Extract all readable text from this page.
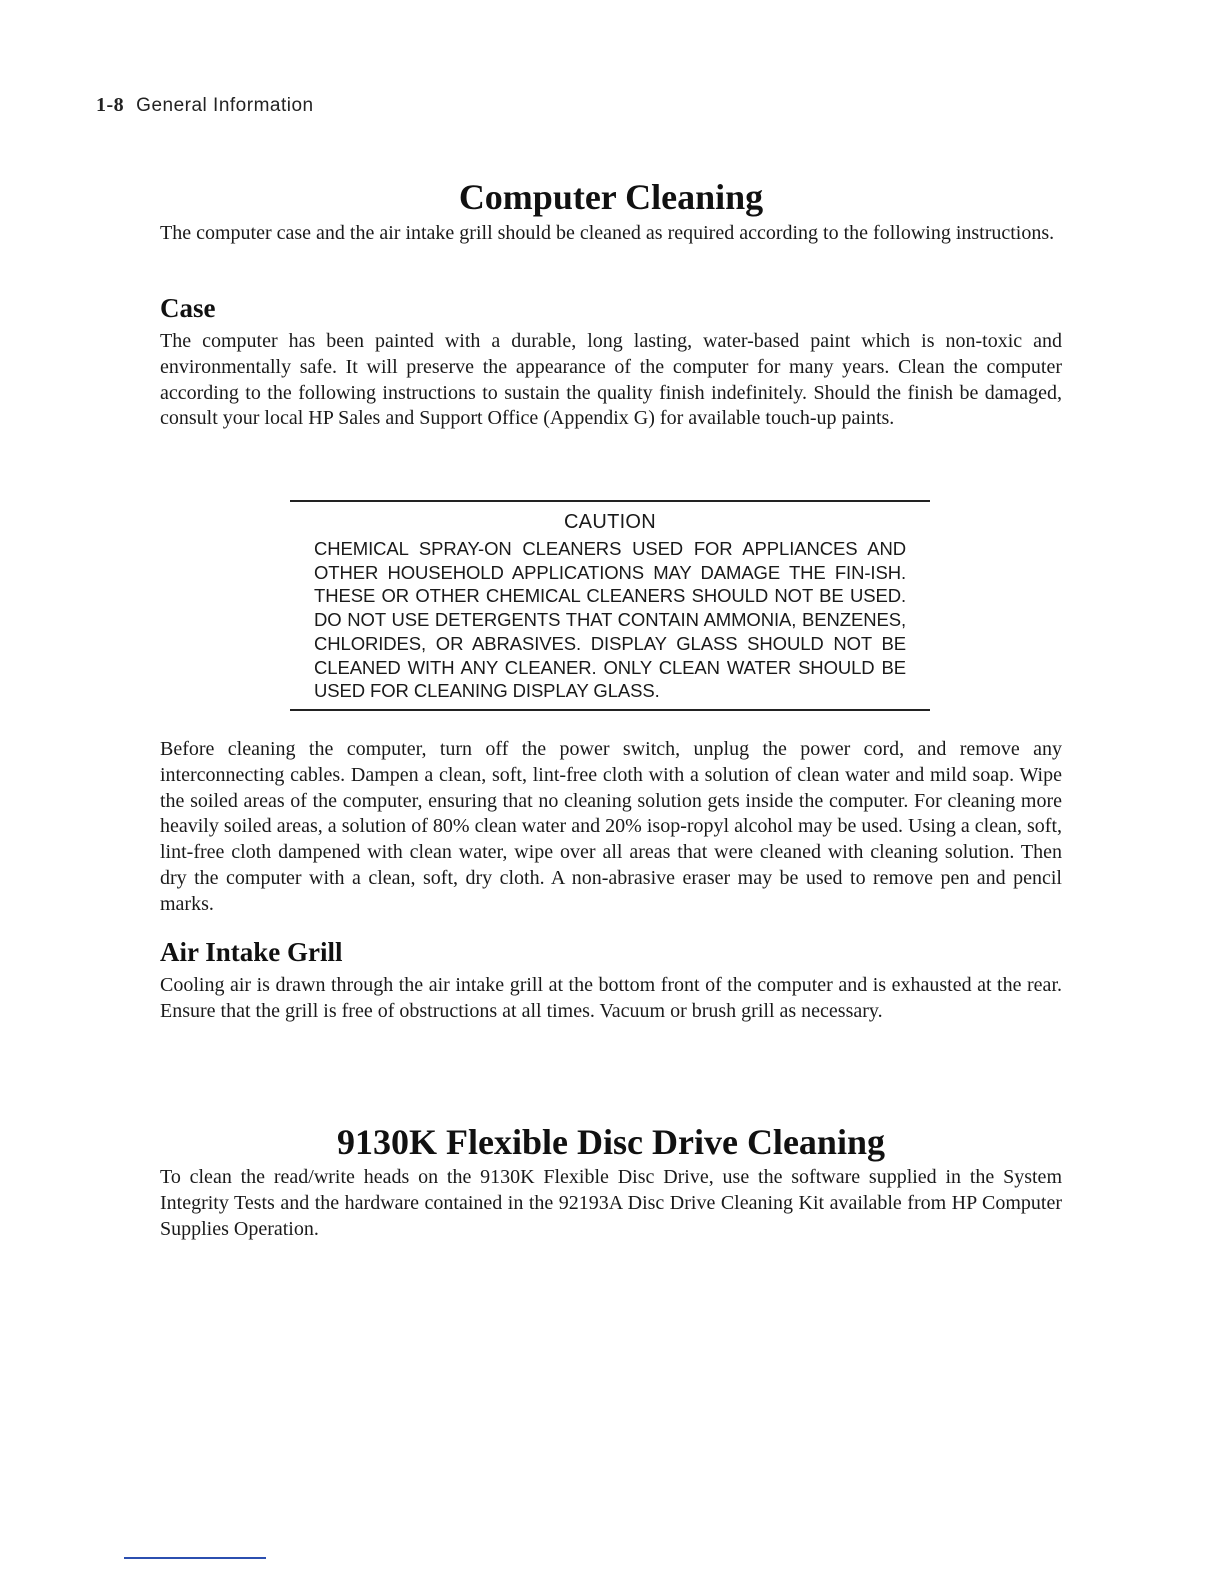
1-8 General Information
Computer Cleaning

The computer case and the air intake grill should be cleaned as required according to the following instructions.

Case

The computer has been painted with a durable, long lasting, water-based paint which is non-toxic and environmentally safe. It will preserve the appearance of the computer for many years. Clean the computer according to the following instructions to sustain the quality finish indefinitely. Should the finish be damaged, consult your local HP Sales and Support Office (Appendix G) for available touch-up paints.

CAUTION
CHEMICAL SPRAY-ON CLEANERS USED FOR APPLIANCES AND OTHER HOUSEHOLD APPLICATIONS MAY DAMAGE THE FIN-ISH. THESE OR OTHER CHEMICAL CLEANERS SHOULD NOT BE USED. DO NOT USE DETERGENTS THAT CONTAIN AMMONIA, BENZENES, CHLORIDES, OR ABRASIVES. DISPLAY GLASS SHOULD NOT BE CLEANED WITH ANY CLEANER. ONLY CLEAN WATER SHOULD BE USED FOR CLEANING DISPLAY GLASS.

Before cleaning the computer, turn off the power switch, unplug the power cord, and remove any interconnecting cables. Dampen a clean, soft, lint-free cloth with a solution of clean water and mild soap. Wipe the soiled areas of the computer, ensuring that no cleaning solution gets inside the computer. For cleaning more heavily soiled areas, a solution of 80% clean water and 20% isop-ropyl alcohol may be used. Using a clean, soft, lint-free cloth dampened with clean water, wipe over all areas that were cleaned with cleaning solution. Then dry the computer with a clean, soft, dry cloth. A non-abrasive eraser may be used to remove pen and pencil marks.

Air Intake Grill

Cooling air is drawn through the air intake grill at the bottom front of the computer and is exhausted at the rear. Ensure that the grill is free of obstructions at all times. Vacuum or brush grill as necessary.

9130K Flexible Disc Drive Cleaning

To clean the read/write heads on the 9130K Flexible Disc Drive, use the software supplied in the System Integrity Tests and the hardware contained in the 92193A Disc Drive Cleaning Kit available from HP Computer Supplies Operation.
